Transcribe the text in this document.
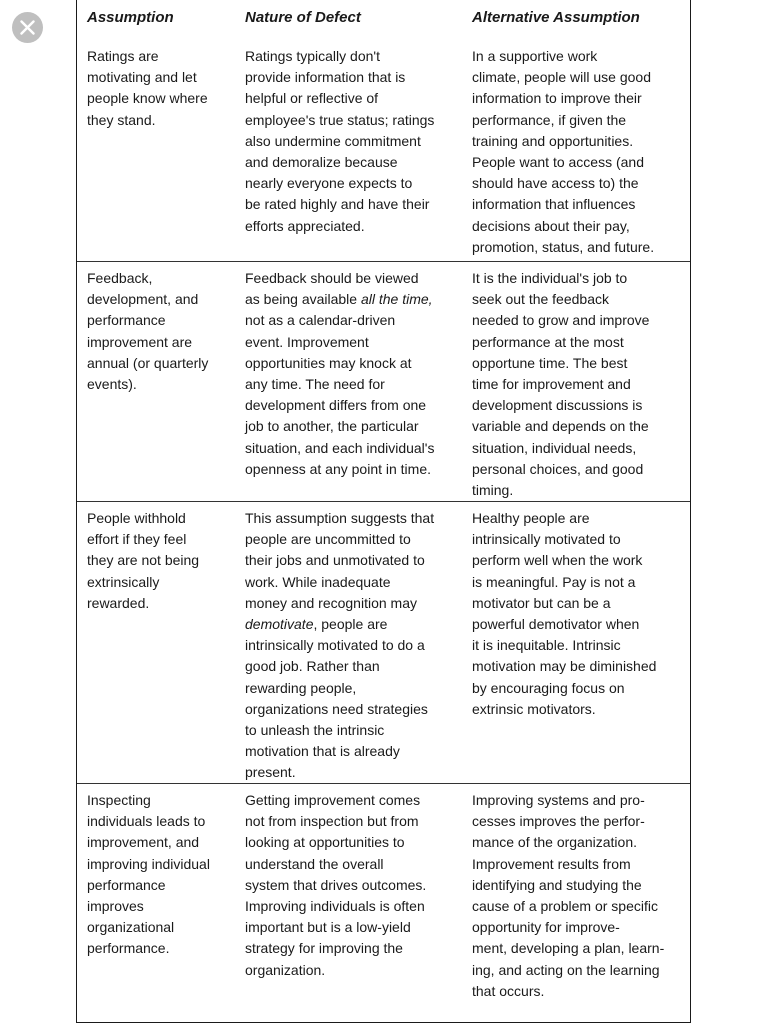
Assumption	Nature of Defect	Alternative Assumption
Ratings are
motivating and let
people know where
they stand.
Ratings typically don't
provide information that is
helpful or reflective of
employee's true status; ratings
also undermine commitment
and demoralize because
nearly everyone expects to
be rated highly and have their
efforts appreciated.
In a supportive work
climate, people will use good
information to improve their
performance, if given the
training and opportunities.
People want to access (and
should have access to) the
information that influences
decisions about their pay,
promotion, status, and future.
Feedback,
development, and
performance
improvement are
annual (or quarterly
events).
Feedback should be viewed
as being available all the time,
not as a calendar-driven
event. Improvement
opportunities may knock at
any time. The need for
development differs from one
job to another, the particular
situation, and each individual's
openness at any point in time.
It is the individual's job to
seek out the feedback
needed to grow and improve
performance at the most
opportune time. The best
time for improvement and
development discussions is
variable and depends on the
situation, individual needs,
personal choices, and good
timing.
People withhold
effort if they feel
they are not being
extrinsically
rewarded.
This assumption suggests that
people are uncommitted to
their jobs and unmotivated to
work. While inadequate
money and recognition may
demotivate, people are
intrinsically motivated to do a
good job. Rather than
rewarding people,
organizations need strategies
to unleash the intrinsic
motivation that is already
present.
Healthy people are
intrinsically motivated to
perform well when the work
is meaningful. Pay is not a
motivator but can be a
powerful demotivator when
it is inequitable. Intrinsic
motivation may be diminished
by encouraging focus on
extrinsic motivators.
Inspecting
individuals leads to
improvement, and
improving individual
performance
improves
organizational
performance.
Getting improvement comes
not from inspection but from
looking at opportunities to
understand the overall
system that drives outcomes.
Improving individuals is often
important but is a low-yield
strategy for improving the
organization.
Improving systems and pro-
cesses improves the perfor-
mance of the organization.
Improvement results from
identifying and studying the
cause of a problem or specific
opportunity for improve-
ment, developing a plan, learn-
ing, and acting on the learning
that occurs.
